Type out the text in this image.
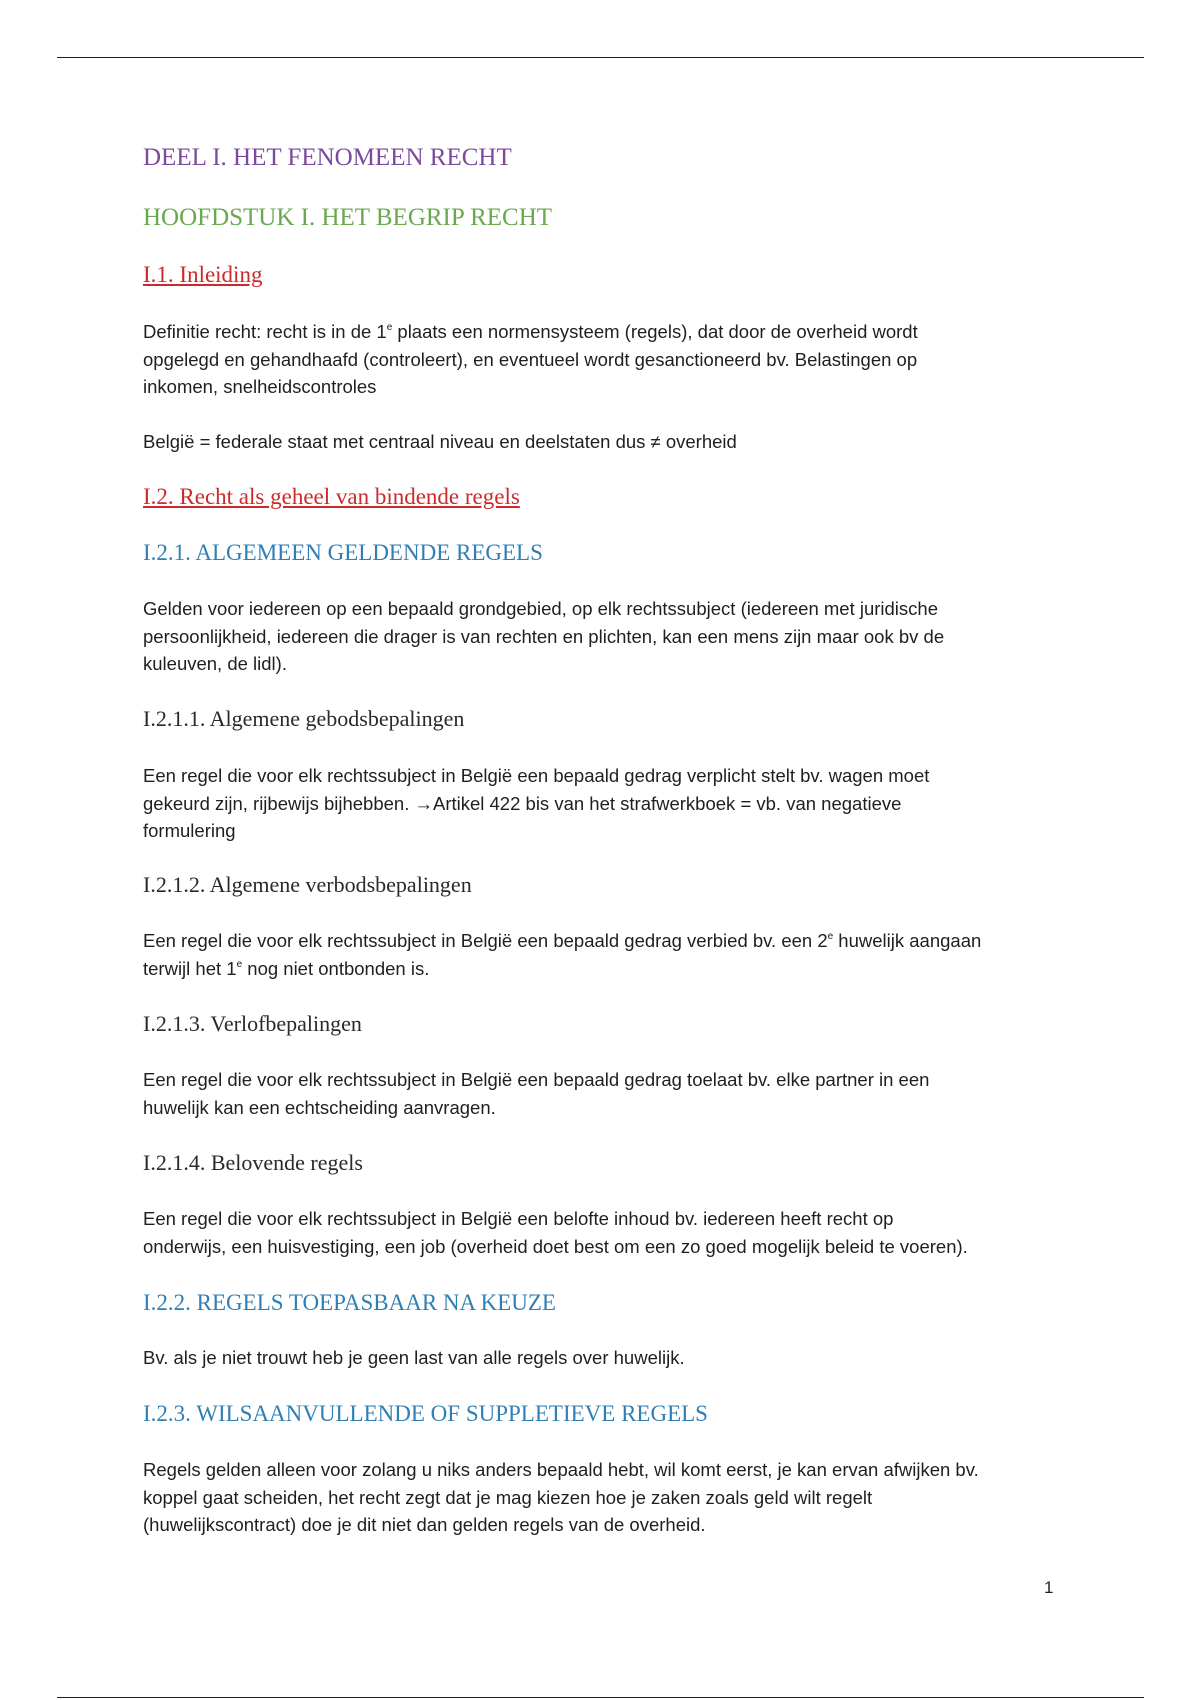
DEEL I. HET FENOMEEN RECHT
HOOFDSTUK I. HET BEGRIP RECHT
I.1. Inleiding
Definitie recht: recht is in de 1e plaats een normensysteem (regels), dat door de overheid wordt
opgelegd en gehandhaafd (controleert), en eventueel wordt gesanctioneerd bv. Belastingen op
inkomen, snelheidscontroles
België = federale staat met centraal niveau en deelstaten dus ≠ overheid
I.2. Recht als geheel van bindende regels
I.2.1. ALGEMEEN GELDENDE REGELS
Gelden voor iedereen op een bepaald grondgebied, op elk rechtssubject (iedereen met juridische
persoonlijkheid, iedereen die drager is van rechten en plichten, kan een mens zijn maar ook bv de
kuleuven, de lidl).
I.2.1.1. Algemene gebodsbepalingen
Een regel die voor elk rechtssubject in België een bepaald gedrag verplicht stelt bv. wagen moet
gekeurd zijn, rijbewijs bijhebben. →Artikel 422 bis van het strafwerkboek = vb. van negatieve
formulering
I.2.1.2. Algemene verbodsbepalingen
Een regel die voor elk rechtssubject in België een bepaald gedrag verbied bv. een 2e huwelijk aangaan
terwijl het 1e nog niet ontbonden is.
I.2.1.3. Verlofbepalingen
Een regel die voor elk rechtssubject in België een bepaald gedrag toelaat bv. elke partner in een
huwelijk kan een echtscheiding aanvragen.
I.2.1.4. Belovende regels
Een regel die voor elk rechtssubject in België een belofte inhoud bv. iedereen heeft recht op
onderwijs, een huisvestiging, een job (overheid doet best om een zo goed mogelijk beleid te voeren).
I.2.2. REGELS TOEPASBAAR NA KEUZE
Bv. als je niet trouwt heb je geen last van alle regels over huwelijk.
I.2.3. WILSAANVULLENDE OF SUPPLETIEVE REGELS
Regels gelden alleen voor zolang u niks anders bepaald hebt, wil komt eerst, je kan ervan afwijken bv.
koppel gaat scheiden, het recht zegt dat je mag kiezen hoe je zaken zoals geld wilt regelt
(huwelijkscontract) doe je dit niet dan gelden regels van de overheid.
1
